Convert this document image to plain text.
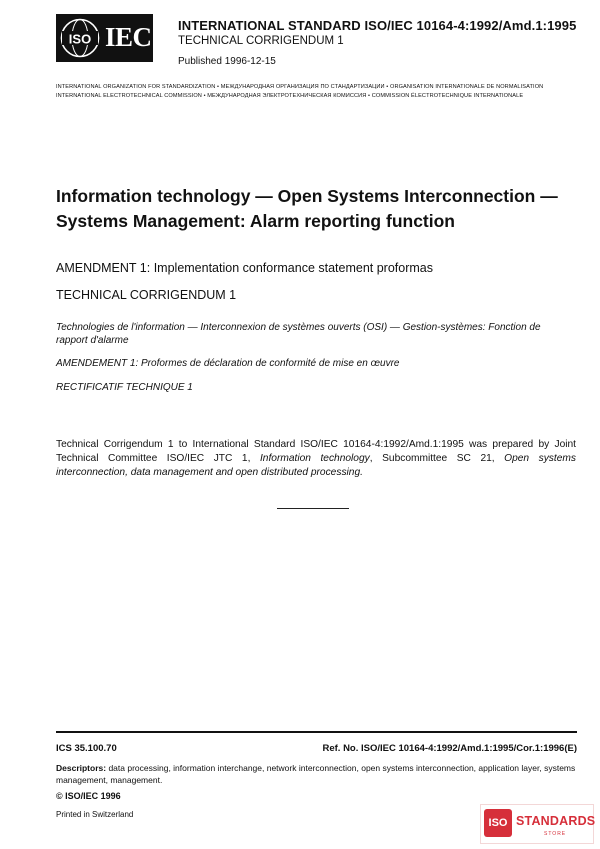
ISO IEC INTERNATIONAL STANDARD ISO/IEC 10164-4:1992/Amd.1:1995
TECHNICAL CORRIGENDUM 1
Published 1996-12-15
INTERNATIONAL ORGANIZATION FOR STANDARDIZATION • МЕЖДУНАРОДНАЯ ОРГАНИЗАЦИЯ ПО СТАНДАРТИЗАЦИИ • ORGANISATION INTERNATIONALE DE NORMALISATION
INTERNATIONAL ELECTROTECHNICAL COMMISSION • МЕЖДУНАРОДНАЯ ЭЛЕКТРОТЕХНИЧЕСКАЯ КОМИССИЯ • COMMISSION ÉLECTROTECHNIQUE INTERNATIONALE
Information technology — Open Systems Interconnection — Systems Management: Alarm reporting function
AMENDMENT 1: Implementation conformance statement proformas
TECHNICAL CORRIGENDUM 1
Technologies de l'information — Interconnexion de systèmes ouverts (OSI) — Gestion-systèmes: Fonction de rapport d'alarme
AMENDEMENT 1: Proformes de déclaration de conformité de mise en œuvre
RECTIFICATIF TECHNIQUE 1
Technical Corrigendum 1 to International Standard ISO/IEC 10164-4:1992/Amd.1:1995 was prepared by Joint Technical Committee ISO/IEC JTC 1, Information technology, Subcommittee SC 21, Open systems interconnection, data management and open distributed processing.
ICS 35.100.70	Ref. No. ISO/IEC 10164-4:1992/Amd.1:1995/Cor.1:1996(E)
Descriptors: data processing, information interchange, network interconnection, open systems interconnection, application layer, systems management, management.
© ISO/IEC 1996
Printed in Switzerland
ISO STANDARDS
STORE
